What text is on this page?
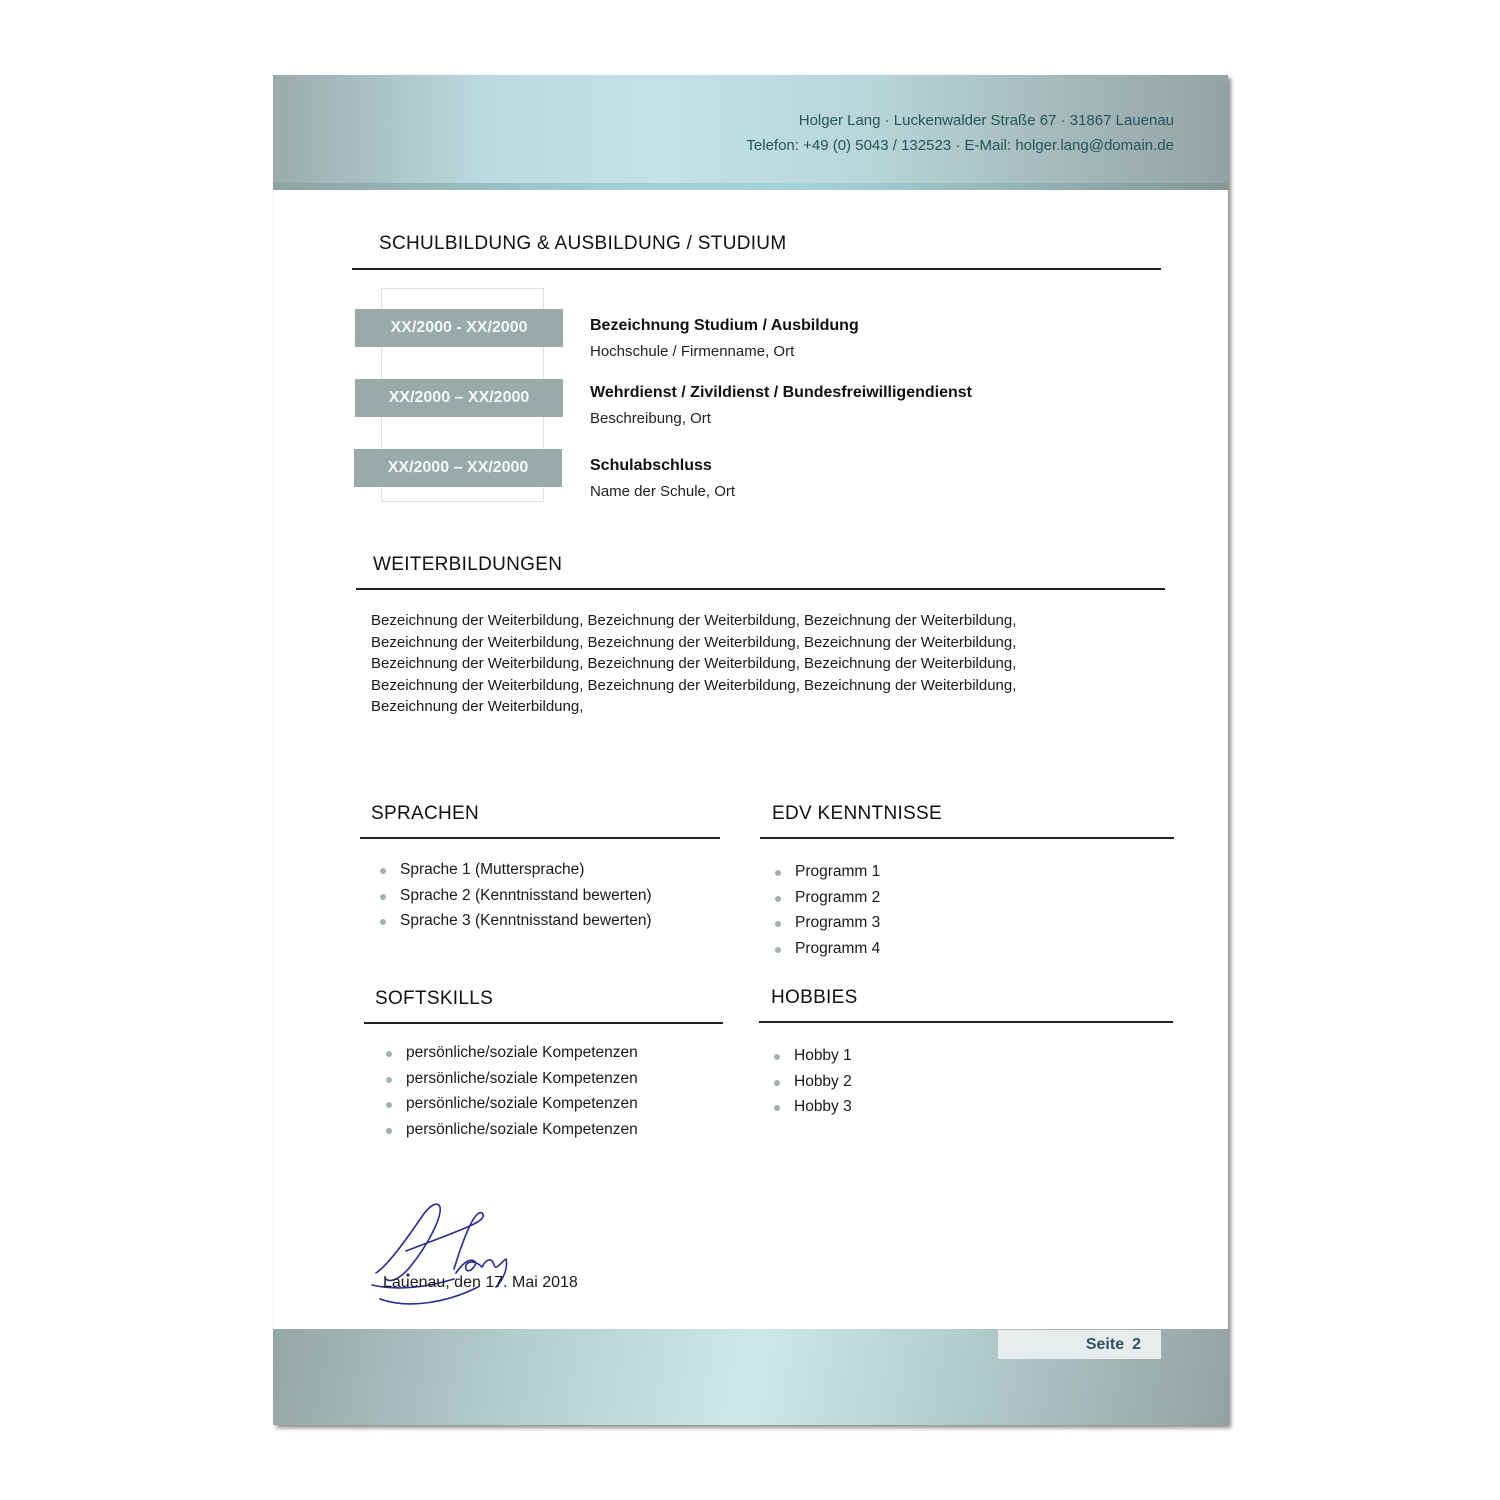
Holger Lang · Luckenwalder Straße 67 · 31867 Lauenau
Telefon: +49 (0) 5043 / 132523 · E-Mail: holger.lang@domain.de
SCHULBILDUNG & AUSBILDUNG / STUDIUM
XX/2000 - XX/2000	Bezeichnung Studium / Ausbildung
Hochschule / Firmenname, Ort
XX/2000 – XX/2000	Wehrdienst / Zivildienst / Bundesfreiwilligendienst
Beschreibung, Ort
XX/2000 – XX/2000	Schulabschluss
Name der Schule, Ort
WEITERBILDUNGEN
Bezeichnung der Weiterbildung, Bezeichnung der Weiterbildung, Bezeichnung der Weiterbildung,
Bezeichnung der Weiterbildung, Bezeichnung der Weiterbildung, Bezeichnung der Weiterbildung,
Bezeichnung der Weiterbildung, Bezeichnung der Weiterbildung, Bezeichnung der Weiterbildung,
Bezeichnung der Weiterbildung, Bezeichnung der Weiterbildung, Bezeichnung der Weiterbildung,
Bezeichnung der Weiterbildung,
SPRACHEN
Sprache 1 (Muttersprache)
Sprache 2 (Kenntnisstand bewerten)
Sprache 3 (Kenntnisstand bewerten)
EDV KENNTNISSE
Programm 1
Programm 2
Programm 3
Programm 4
SOFTSKILLS
persönliche/soziale Kompetenzen
persönliche/soziale Kompetenzen
persönliche/soziale Kompetenzen
persönliche/soziale Kompetenzen
HOBBIES
Hobby 1
Hobby 2
Hobby 3
Lauenau, den 17. Mai 2018
Seite 2
